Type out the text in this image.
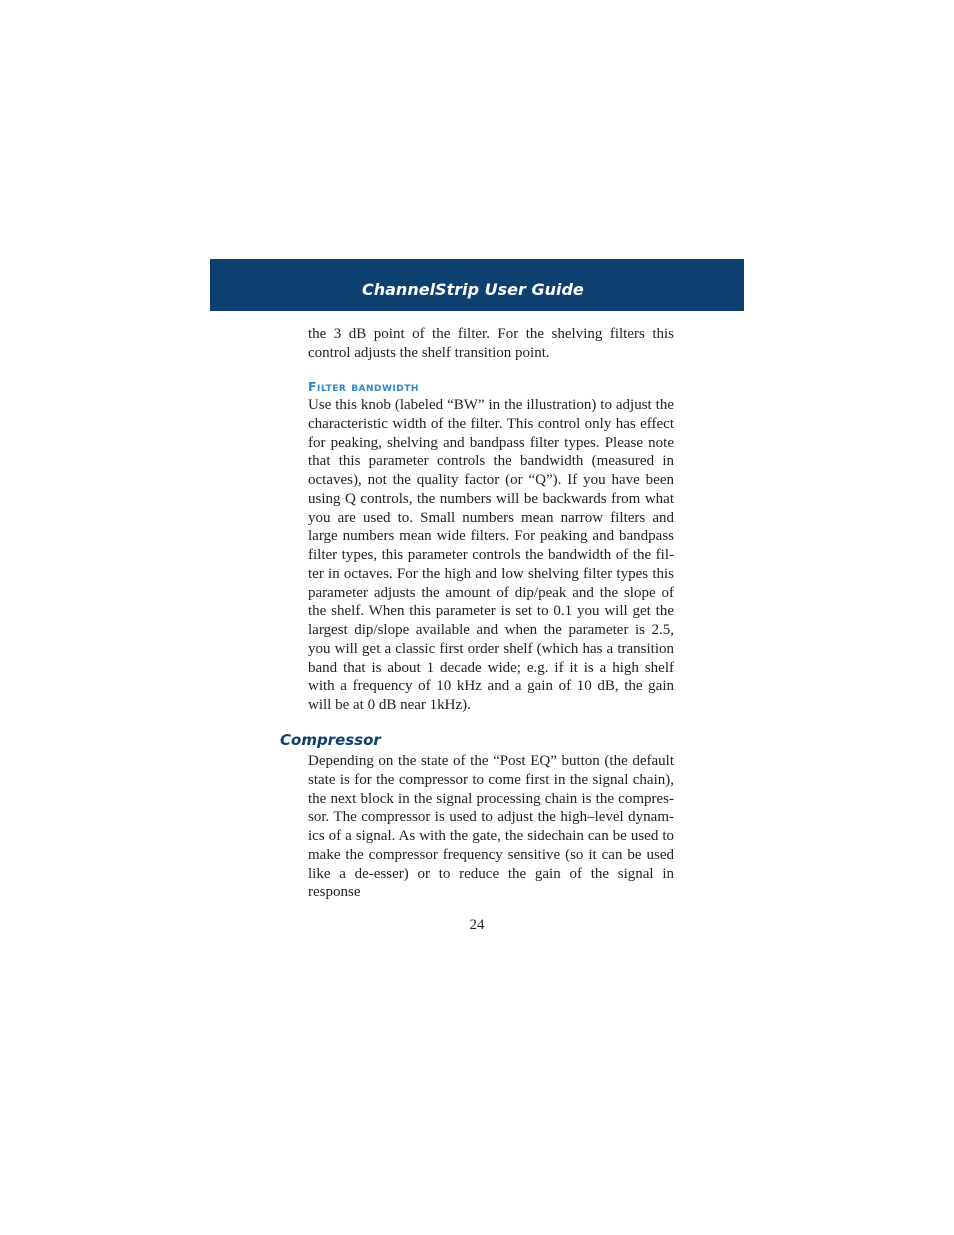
ChannelStrip User Guide

the 3 dB point of the filter. For the shelving filters this control adjusts the shelf transition point.

Filter bandwidth

Use this knob (labeled “BW” in the illustration) to adjust the characteristic width of the filter. This control only has effect for peaking, shelving and bandpass filter types. Please note that this parameter controls the bandwidth (measured in octaves), not the quality factor (or “Q”). If you have been using Q controls, the numbers will be backwards from what you are used to. Small numbers mean narrow filters and large numbers mean wide filters. For peaking and bandpass filter types, this parameter controls the bandwidth of the filter in octaves. For the high and low shelving filter types this parameter adjusts the amount of dip/peak and the slope of the shelf. When this parameter is set to 0.1 you will get the largest dip/slope available and when the parameter is 2.5, you will get a classic first order shelf (which has a transition band that is about 1 decade wide; e.g. if it is a high shelf with a frequency of 10 kHz and a gain of 10 dB, the gain will be at 0 dB near 1kHz).

Compressor

Depending on the state of the “Post EQ” button (the default state is for the compressor to come first in the signal chain), the next block in the signal processing chain is the compressor. The compressor is used to adjust the high–level dynamics of a signal. As with the gate, the sidechain can be used to make the compressor frequency sensitive (so it can be used like a de-esser) or to reduce the gain of the signal in response

24
